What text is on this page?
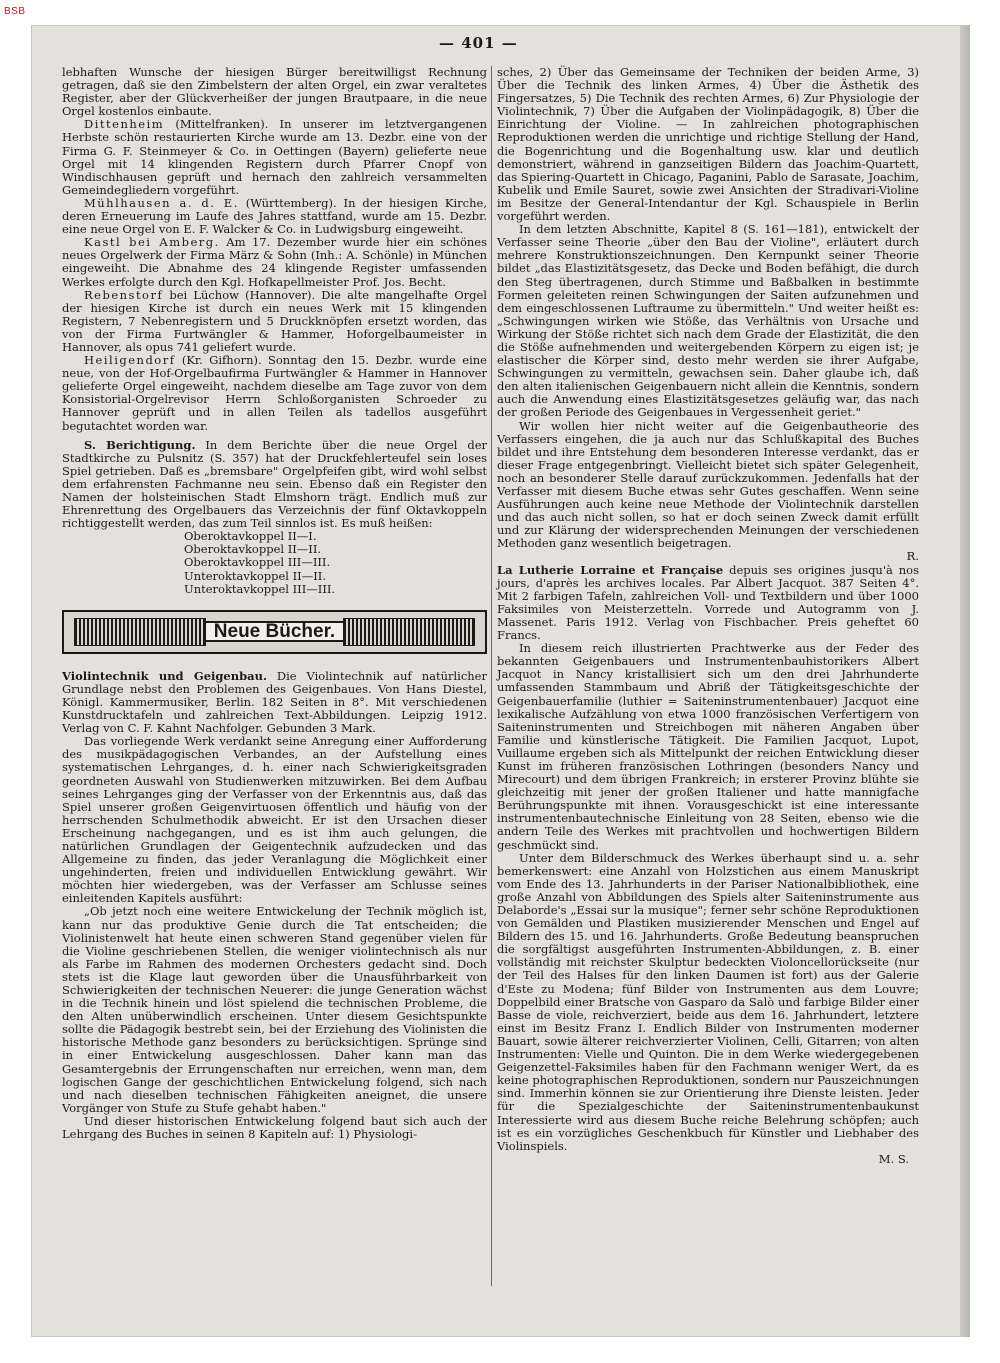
BSB
— 401 —

lebhaften Wunsche der hiesigen Bürger bereitwilligst Rechnung getragen, daß sie den Zimbelstern der alten Orgel, ein zwar veraltetes Register, aber der Glückverheißer der jungen Brautpaare, in die neue Orgel kostenlos einbaute.

Dittenheim (Mittelfranken). In unserer im letztvergangenen Herbste schön restaurierten Kirche wurde am 13. Dezbr. eine von der Firma G. F. Steinmeyer & Co. in Oettingen (Bayern) gelieferte neue Orgel mit 14 klingenden Registern durch Pfarrer Cnopf von Windischhausen geprüft und hernach den zahlreich versammelten Gemeindegliedern vorgeführt.

Mühlhausen a. d. E. (Württemberg). In der hiesigen Kirche, deren Erneuerung im Laufe des Jahres stattfand, wurde am 15. Dezbr. eine neue Orgel von E. F. Walcker & Co. in Ludwigsburg eingeweiht.

Kastl bei Amberg. Am 17. Dezember wurde hier ein schönes neues Orgelwerk der Firma März & Sohn (Inh.: A. Schönle) in München eingeweiht. Die Abnahme des 24 klingende Register umfassenden Werkes erfolgte durch den Kgl. Hofkapellmeister Prof. Jos. Becht.

Rebenstorf bei Lüchow (Hannover). Die alte mangelhafte Orgel der hiesigen Kirche ist durch ein neues Werk mit 15 klingenden Registern, 7 Nebenregistern und 5 Druckknöpfen ersetzt worden, das von der Firma Furtwängler & Hammer, Hoforgelbaumeister in Hannover, als opus 741 geliefert wurde.

Heiligendorf (Kr. Gifhorn). Sonntag den 15. Dezbr. wurde eine neue, von der Hof-Orgelbaufirma Furtwängler & Hammer in Hannover gelieferte Orgel eingeweiht, nachdem dieselbe am Tage zuvor von dem Konsistorial-Orgelrevisor Herrn Schloßorganisten Schroeder zu Hannover geprüft und in allen Teilen als tadellos ausgeführt begutachtet worden war.

S. Berichtigung. In dem Berichte über die neue Orgel der Stadtkirche zu Pulsnitz (S. 357) hat der Druckfehlerteufel sein loses Spiel getrieben. Daß es „bremsbare" Orgelpfeifen gibt, wird wohl selbst dem erfahrensten Fachmanne neu sein. Ebenso daß ein Register den Namen der holsteinischen Stadt Elmshorn trägt. Endlich muß zur Ehrenrettung des Orgelbauers das Verzeichnis der fünf Oktavkoppeln richtiggestellt werden, das zum Teil sinnlos ist. Es muß heißen:

Oberoktavkoppel II—I.

Oberoktavkoppel II—II.

Oberoktavkoppel III—III.

Unteroktavkoppel II—II.

Unteroktavkoppel III—III.

Neue Bücher.

Violintechnik und Geigenbau. Die Violintechnik auf natürlicher Grundlage nebst den Problemen des Geigenbaues. Von Hans Diestel, Königl. Kammermusiker, Berlin. 182 Seiten in 8°. Mit verschiedenen Kunstdrucktafeln und zahlreichen Text-Abbildungen. Leipzig 1912. Verlag von C. F. Kahnt Nachfolger. Gebunden 3 Mark.

Das vorliegende Werk verdankt seine Anregung einer Aufforderung des musikpädagogischen Verbandes, an der Aufstellung eines systematischen Lehrganges, d. h. einer nach Schwierigkeitsgraden geordneten Auswahl von Studienwerken mitzuwirken. Bei dem Aufbau seines Lehrganges ging der Verfasser von der Erkenntnis aus, daß das Spiel unserer großen Geigenvirtuosen öffentlich und häufig von der herrschenden Schulmethodik abweicht. Er ist den Ursachen dieser Erscheinung nachgegangen, und es ist ihm auch gelungen, die natürlichen Grundlagen der Geigentechnik aufzudecken und das Allgemeine zu finden, das jeder Veranlagung die Möglichkeit einer ungehinderten, freien und individuellen Entwicklung gewährt. Wir möchten hier wiedergeben, was der Verfasser am Schlusse seines einleitenden Kapitels ausführt:

„Ob jetzt noch eine weitere Entwickelung der Technik möglich ist, kann nur das produktive Genie durch die Tat entscheiden; die Violinistenwelt hat heute einen schweren Stand gegenüber vielen für die Violine geschriebenen Stellen, die weniger violintechnisch als nur als Farbe im Rahmen des modernen Orchesters gedacht sind. Doch stets ist die Klage laut geworden über die Unausführbarkeit von Schwierigkeiten der technischen Neuerer: die junge Generation wächst in die Technik hinein und löst spielend die technischen Probleme, die den Alten unüberwindlich erscheinen. Unter diesem Gesichtspunkte sollte die Pädagogik bestrebt sein, bei der Erziehung des Violinisten die historische Methode ganz besonders zu berücksichtigen. Sprünge sind in einer Entwickelung ausgeschlossen. Daher kann man das Gesamtergebnis der Errungenschaften nur erreichen, wenn man, dem logischen Gange der geschichtlichen Entwickelung folgend, sich nach und nach dieselben technischen Fähigkeiten aneignet, die unsere Vorgänger von Stufe zu Stufe gehabt haben."

Und dieser historischen Entwickelung folgend baut sich auch der Lehrgang des Buches in seinen 8 Kapiteln auf: 1) Physiologi-

sches, 2) Über das Gemeinsame der Techniken der beiden Arme, 3) Über die Technik des linken Armes, 4) Über die Ästhetik des Fingersatzes, 5) Die Technik des rechten Armes, 6) Zur Physiologie der Violintechnik, 7) Über die Aufgaben der Violinpädagogik, 8) Über die Einrichtung der Violine. — In zahlreichen photographischen Reproduktionen werden die unrichtige und richtige Stellung der Hand, die Bogenrichtung und die Bogenhaltung usw. klar und deutlich demonstriert, während in ganzseitigen Bildern das Joachim-Quartett, das Spiering-Quartett in Chicago, Paganini, Pablo de Sarasate, Joachim, Kubelik und Emile Sauret, sowie zwei Ansichten der Stradivari-Violine im Besitze der General-Intendantur der Kgl. Schauspiele in Berlin vorgeführt werden.

In dem letzten Abschnitte, Kapitel 8 (S. 161—181), entwickelt der Verfasser seine Theorie „über den Bau der Violine", erläutert durch mehrere Konstruktionszeichnungen. Den Kernpunkt seiner Theorie bildet „das Elastizitätsgesetz, das Decke und Boden befähigt, die durch den Steg übertragenen, durch Stimme und Baßbalken in bestimmte Formen geleiteten reinen Schwingungen der Saiten aufzunehmen und dem eingeschlossenen Luftraume zu übermitteln." Und weiter heißt es: „Schwingungen wirken wie Stöße, das Verhältnis von Ursache und Wirkung der Stöße richtet sich nach dem Grade der Elastizität, die den die Stöße aufnehmenden und weitergebenden Körpern zu eigen ist; je elastischer die Körper sind, desto mehr werden sie ihrer Aufgabe, Schwingungen zu vermitteln, gewachsen sein. Daher glaube ich, daß den alten italienischen Geigenbauern nicht allein die Kenntnis, sondern auch die Anwendung eines Elastizitätsgesetzes geläufig war, das nach der großen Periode des Geigenbaues in Vergessenheit geriet."

Wir wollen hier nicht weiter auf die Geigenbautheorie des Verfassers eingehen, die ja auch nur das Schlußkapital des Buches bildet und ihre Entstehung dem besonderen Interesse verdankt, das er dieser Frage entgegenbringt. Vielleicht bietet sich später Gelegenheit, noch an besonderer Stelle darauf zurückzukommen. Jedenfalls hat der Verfasser mit diesem Buche etwas sehr Gutes geschaffen. Wenn seine Ausführungen auch keine neue Methode der Violintechnik darstellen und das auch nicht sollen, so hat er doch seinen Zweck damit erfüllt und zur Klärung der widersprechenden Meinungen der verschiedenen Methoden ganz wesentlich beigetragen.

R.

La Lutherie Lorraine et Française depuis ses origines jusqu'à nos jours, d'après les archives locales. Par Albert Jacquot. 387 Seiten 4°. Mit 2 farbigen Tafeln, zahlreichen Voll- und Textbildern und über 1000 Faksimiles von Meisterzetteln. Vorrede und Autogramm von J. Massenet. Paris 1912. Verlag von Fischbacher. Preis geheftet 60 Francs.

In diesem reich illustrierten Prachtwerke aus der Feder des bekannten Geigenbauers und Instrumentenbauhistorikers Albert Jacquot in Nancy kristallisiert sich um den drei Jahrhunderte umfassenden Stammbaum und Abriß der Tätigkeitsgeschichte der Geigenbauerfamilie (luthier = Saiteninstrumentenbauer) Jacquot eine lexikalische Aufzählung von etwa 1000 französischen Verfertigern von Saiteninstrumenten und Streichbogen mit näheren Angaben über Familie und künstlerische Tätigkeit. Die Familien Jacquot, Lupot, Vuillaume ergeben sich als Mittelpunkt der reichen Entwicklung dieser Kunst im früheren französischen Lothringen (besonders Nancy und Mirecourt) und dem übrigen Frankreich; in ersterer Provinz blühte sie gleichzeitig mit jener der großen Italiener und hatte mannigfache Berührungspunkte mit ihnen. Vorausgeschickt ist eine interessante instrumentenbautechnische Einleitung von 28 Seiten, ebenso wie die andern Teile des Werkes mit prachtvollen und hochwertigen Bildern geschmückt sind.

Unter dem Bilderschmuck des Werkes überhaupt sind u. a. sehr bemerkenswert: eine Anzahl von Holzstichen aus einem Manuskript vom Ende des 13. Jahrhunderts in der Pariser Nationalbibliothek, eine große Anzahl von Abbildungen des Spiels alter Saiteninstrumente aus Delaborde's „Essai sur la musique"; ferner sehr schöne Reproduktionen von Gemälden und Plastiken musizierender Menschen und Engel auf Bildern des 15. und 16. Jahrhunderts. Große Bedeutung beanspruchen die sorgfältigst ausgeführten Instrumenten-Abbildungen, z. B. einer vollständig mit reichster Skulptur bedeckten Violoncellorückseite (nur der Teil des Halses für den linken Daumen ist fort) aus der Galerie d'Este zu Modena; fünf Bilder von Instrumenten aus dem Louvre; Doppelbild einer Bratsche von Gasparo da Salò und farbige Bilder einer Basse de viole, reichverziert, beide aus dem 16. Jahrhundert, letztere einst im Besitz Franz I. Endlich Bilder von Instrumenten moderner Bauart, sowie älterer reichverzierter Violinen, Celli, Gitarren; von alten Instrumenten: Vielle und Quinton. Die in dem Werke wiedergegebenen Geigenzettel-Faksimiles haben für den Fachmann weniger Wert, da es keine photographischen Reproduktionen, sondern nur Pauszeichnungen sind. Immerhin können sie zur Orientierung ihre Dienste leisten. Jeder für die Spezialgeschichte der Saiteninstrumentenbaukunst Interessierte wird aus diesem Buche reiche Belehrung schöpfen; auch ist es ein vorzügliches Geschenkbuch für Künstler und Liebhaber des Violinspiels.

M. S.
